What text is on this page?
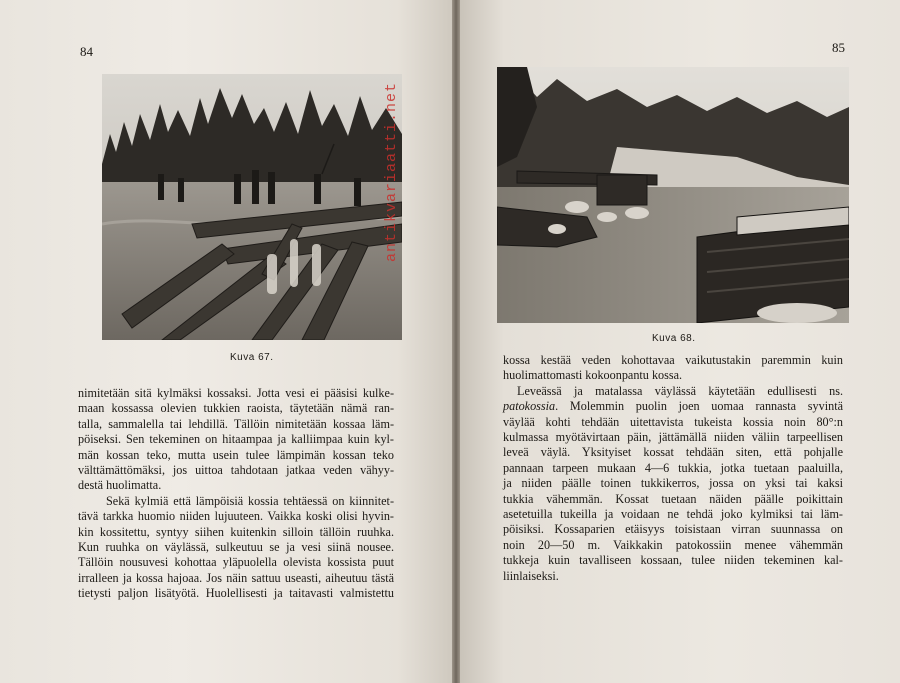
84
Kuva 67.
nimitetään sitä kylmäksi kossaksi. Jotta vesi ei pääsisi kulke-
maan kossassa olevien tukkien raoista, täytetään nämä ran-
talla, sammalella tai lehdillä. Tällöin nimitetään kossaa läm-
pöiseksi. Sen tekeminen on hitaampaa ja kalliimpaa kuin kyl-
män kossan teko, mutta usein tulee lämpimän kossan teko
välttämättömäksi, jos uittoa tahdotaan jatkaa veden vähyy-
destä huolimatta.
Sekä kylmiä että lämpöisiä kossia tehtäessä on kiinnitet-
tävä tarkka huomio niiden lujuuteen. Vaikka koski olisi hyvin-
kin kossitettu, syntyy siihen kuitenkin silloin tällöin ruuhka.
Kun ruuhka on väylässä, sulkeutuu se ja vesi siinä nousee.
Tällöin nousuvesi kohottaa yläpuolella olevista kossista puut
irralleen ja kossa hajoaa. Jos näin sattuu useasti, aiheutuu tästä
tietysti paljon lisätyötä. Huolellisesti ja taitavasti valmistettu
85
Kuva 68.
kossa kestää veden kohottavaa vaikutustakin paremmin kuin
huolimattomasti kokoonpantu kossa.
Leveässä ja matalassa väylässä käytetään edullisesti ns.
patokossia. Molemmin puolin joen uomaa rannasta syvintä
väylää kohti tehdään uitettavista tukeista kossia noin 80°:n
kulmassa myötävirtaan päin, jättämällä niiden väliin tarpeellisen
leveä väylä. Yksityiset kossat tehdään siten, että pohjalle
pannaan tarpeen mukaan 4—6 tukkia, jotka tuetaan paaluilla,
ja niiden päälle toinen tukkikerros, jossa on yksi tai kaksi
tukkia vähemmän. Kossat tuetaan näiden päälle poikittain
asetetuilla tukeilla ja voidaan ne tehdä joko kylmiksi tai läm-
pöisiksi. Kossaparien etäisyys toisistaan virran suunnassa on
noin 20—50 m. Vaikkakin patokossiin menee vähemmän
tukkeja kuin tavalliseen kossaan, tulee niiden tekeminen kal-
liinlaiseksi.
antikvariaatti.net
